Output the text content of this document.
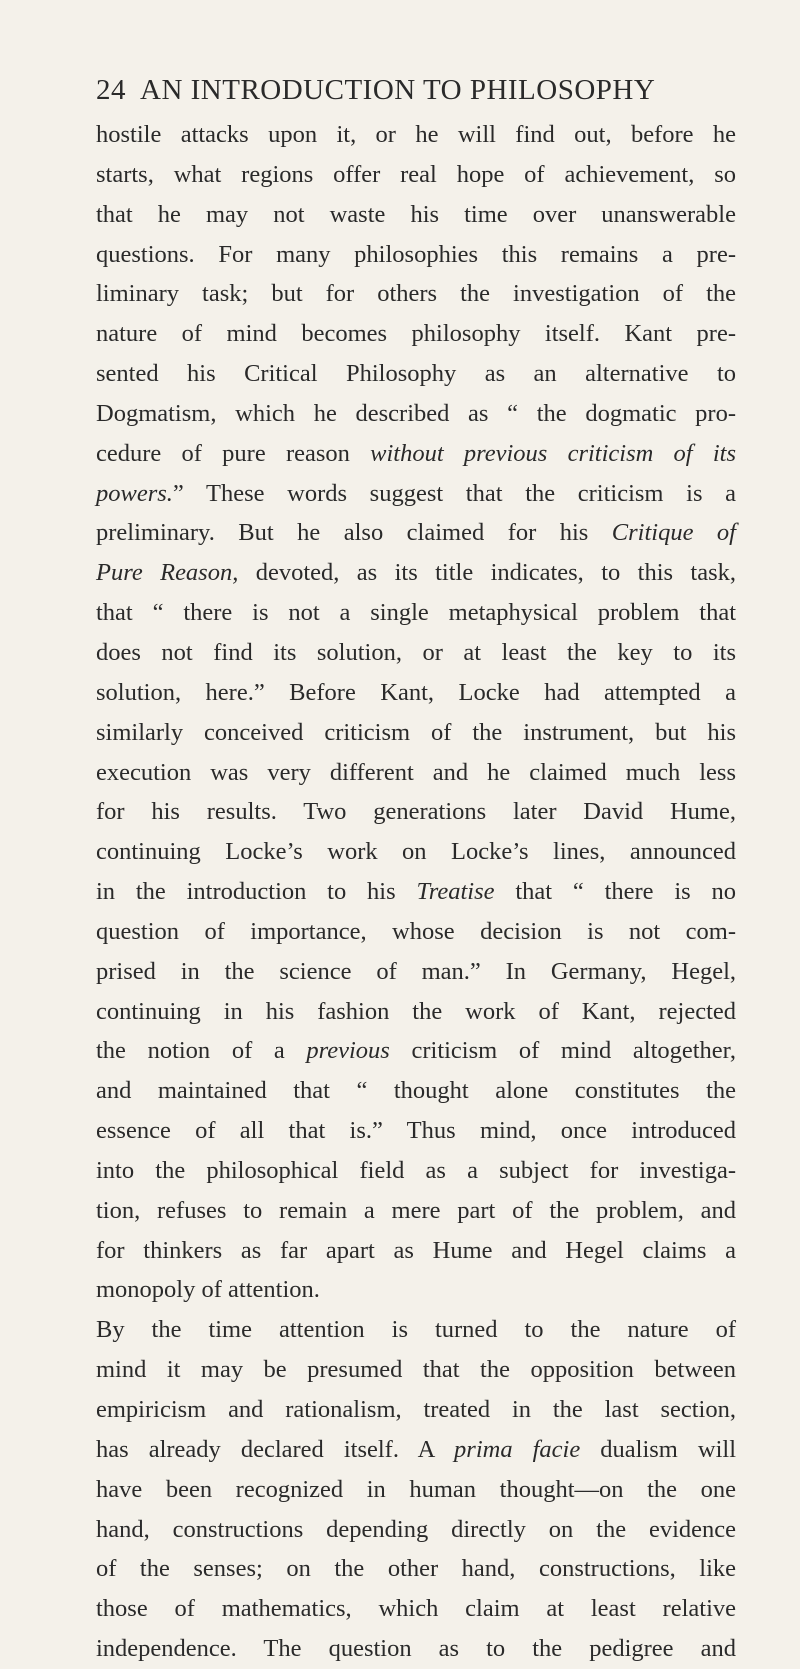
24 AN INTRODUCTION TO PHILOSOPHY
hostile attacks upon it, or he will find out, before he
starts, what regions offer real hope of achievement, so
that he may not waste his time over unanswerable
questions. For many philosophies this remains a pre-
liminary task; but for others the investigation of the
nature of mind becomes philosophy itself. Kant pre-
sented his Critical Philosophy as an alternative to
Dogmatism, which he described as “ the dogmatic pro-
cedure of pure reason without previous criticism of its
powers.” These words suggest that the criticism is a
preliminary. But he also claimed for his Critique of
Pure Reason, devoted, as its title indicates, to this task,
that “ there is not a single metaphysical problem that
does not find its solution, or at least the key to its
solution, here.” Before Kant, Locke had attempted a
similarly conceived criticism of the instrument, but his
execution was very different and he claimed much less
for his results. Two generations later David Hume,
continuing Locke’s work on Locke’s lines, announced
in the introduction to his Treatise that “ there is no
question of importance, whose decision is not com-
prised in the science of man.” In Germany, Hegel,
continuing in his fashion the work of Kant, rejected
the notion of a previous criticism of mind altogether,
and maintained that “ thought alone constitutes the
essence of all that is.” Thus mind, once introduced
into the philosophical field as a subject for investiga-
tion, refuses to remain a mere part of the problem, and
for thinkers as far apart as Hume and Hegel claims a
monopoly of attention.
By the time attention is turned to the nature of
mind it may be presumed that the opposition between
empiricism and rationalism, treated in the last section,
has already declared itself. A prima facie dualism will
have been recognized in human thought—on the one
hand, constructions depending directly on the evidence
of the senses; on the other hand, constructions, like
those of mathematics, which claim at least relative
independence. The question as to the pedigree and
